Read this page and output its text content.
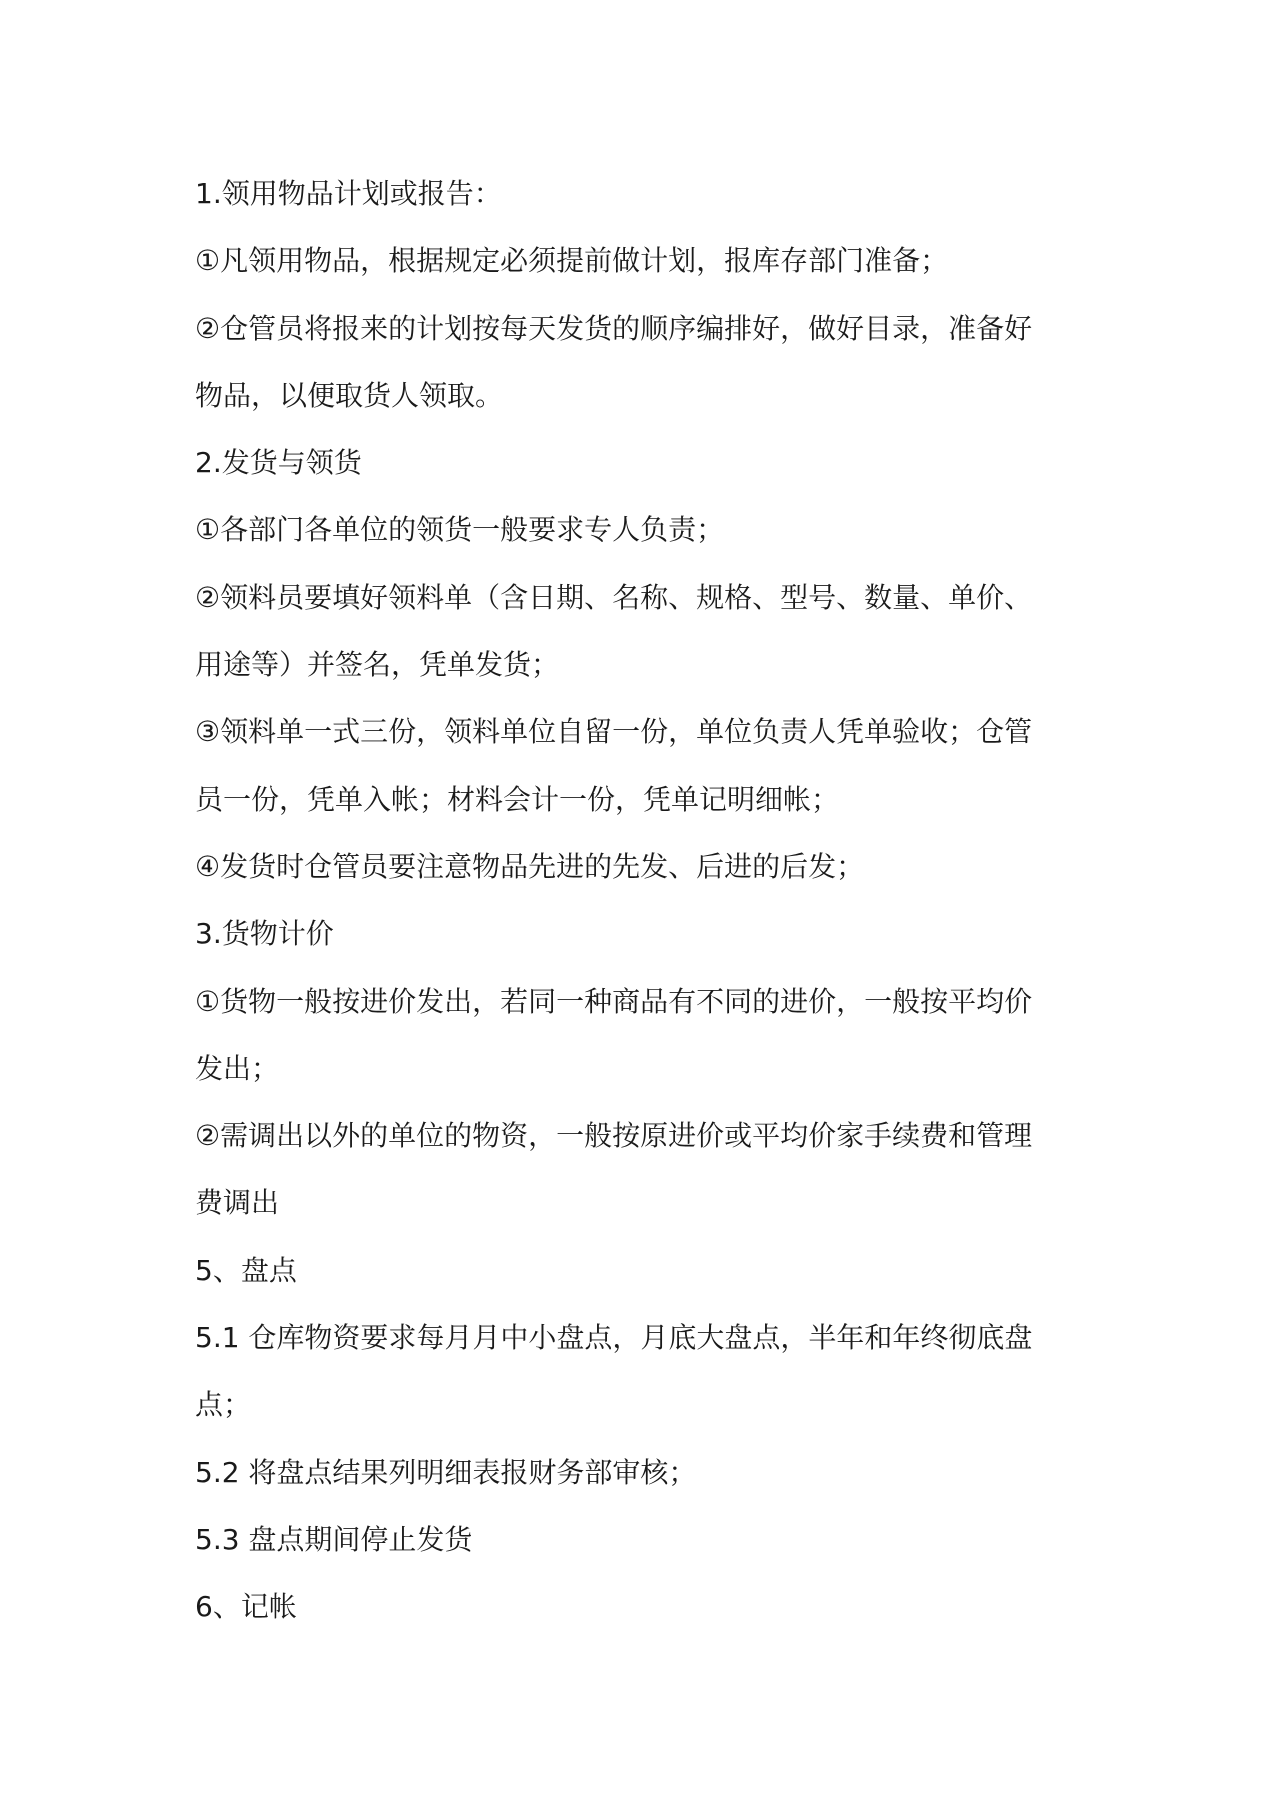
1.领用物品计划或报告：

①凡领用物品，根据规定必须提前做计划，报库存部门准备；

②仓管员将报来的计划按每天发货的顺序编排好，做好目录，准备好

物品，以便取货人领取。

2.发货与领货

①各部门各单位的领货一般要求专人负责；

②领料员要填好领料单（含日期、名称、规格、型号、数量、单价、

用途等）并签名，凭单发货；

③领料单一式三份，领料单位自留一份，单位负责人凭单验收；仓管

员一份，凭单入帐；材料会计一份，凭单记明细帐；

④发货时仓管员要注意物品先进的先发、后进的后发；

3.货物计价

①货物一般按进价发出，若同一种商品有不同的进价，一般按平均价

发出；

②需调出以外的单位的物资，一般按原进价或平均价家手续费和管理

费调出

5、盘点

5.1 仓库物资要求每月月中小盘点，月底大盘点，半年和年终彻底盘

点；

5.2 将盘点结果列明细表报财务部审核；

5.3 盘点期间停止发货

6、记帐
